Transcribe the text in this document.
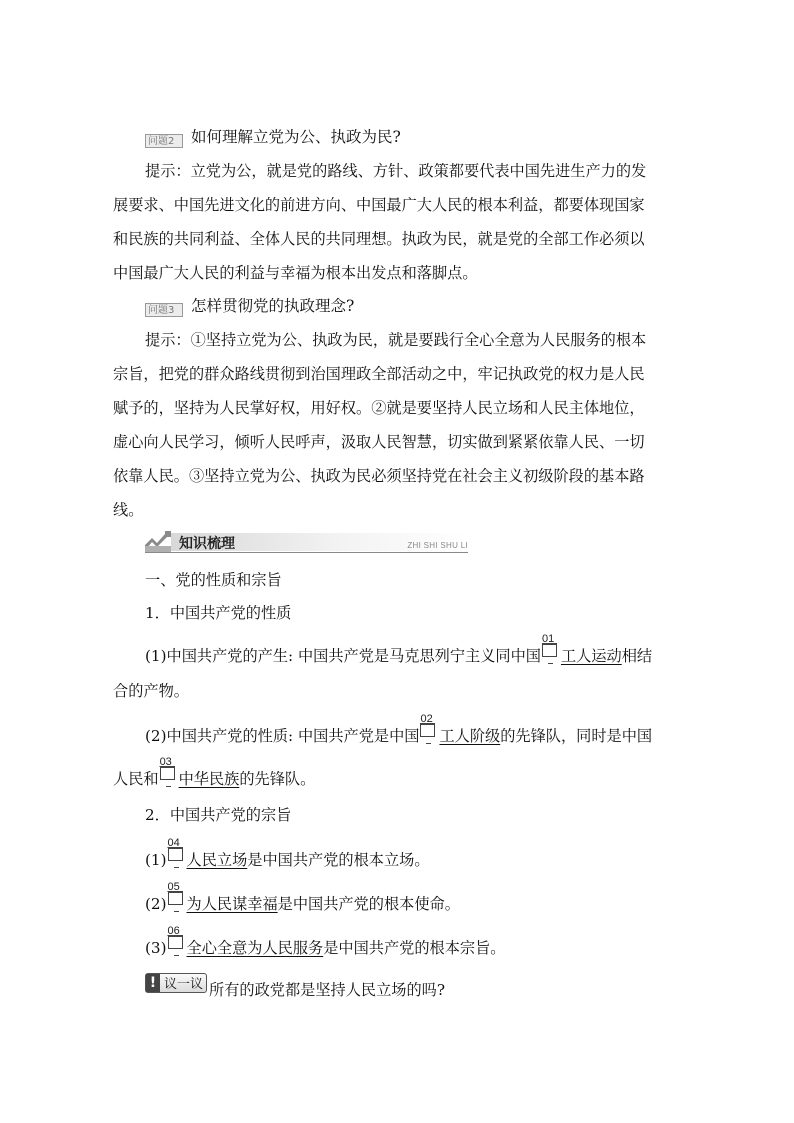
问题2 如何理解立党为公、执政为民?
提示：立党为公，就是党的路线、方针、政策都要代表中国先进生产力的发
展要求、中国先进文化的前进方向、中国最广大人民的根本利益，都要体现国家
和民族的共同利益、全体人民的共同理想。执政为民，就是党的全部工作必须以
中国最广大人民的利益与幸福为根本出发点和落脚点。
问题3 怎样贯彻党的执政理念?
提示：①坚持立党为公、执政为民，就是要践行全心全意为人民服务的根本
宗旨，把党的群众路线贯彻到治国理政全部活动之中，牢记执政党的权力是人民
赋予的，坚持为人民掌好权，用好权。②就是要坚持人民立场和人民主体地位，
虚心向人民学习，倾听人民呼声，汲取人民智慧，切实做到紧紧依靠人民、一切
依靠人民。③坚持立党为公、执政为民必须坚持党在社会主义初级阶段的基本路
线。
知识梳理	ZHI SHI SHU LI
一、党的性质和宗旨
1．中国共产党的性质
(1)中国共产党的产生: 中国共产党是马克思列宁主义同中国
01
工人运动相结
合的产物。
(2)中国共产党的性质: 中国共产党是中国
02
工人阶级的先锋队，同时是中国
人民和
03
中华民族的先锋队。
2．中国共产党的宗旨
(1)
04
人民立场是中国共产党的根本立场。
(2)
05
为人民谋幸福是中国共产党的根本使命。
(3)
06
全心全意为人民服务是中国共产党的根本宗旨。
! 议一议 所有的政党都是坚持人民立场的吗?
